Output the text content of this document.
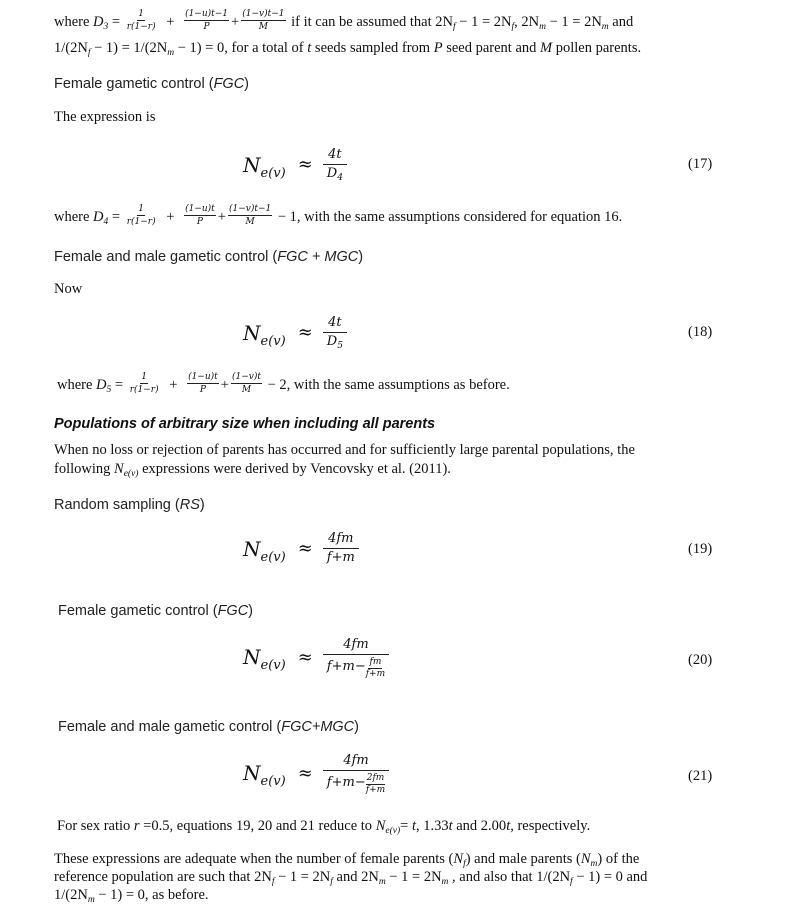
where $D_3 = \frac{1}{r(1-r)} + \frac{(1-u)t-1}{P} + \frac{(1-v)t-1}{M}$ if it can be assumed that $2N_f - 1 = 2N_f$, $2N_m - 1 = 2N_m$ and
$1/(2N_f - 1) = 1/(2N_m - 1) = 0$, for a total of t seeds sampled from P seed parent and M pollen parents.
Female gametic control (FGC)
The expression is
$N_{e(v)} \approx \frac{4t}{D_4}$	(17)
where $D_4 = \frac{1}{r(1-r)} + \frac{(1-u)t}{P} + \frac{(1-v)t-1}{M} - 1$, with the same assumptions considered for equation 16.
Female and male gametic control (FGC + MGC)
Now
$N_{e(v)} \approx \frac{4t}{D_5}$	(18)
where $D_5 = \frac{1}{r(1-r)} + \frac{(1-u)t}{P} + \frac{(1-v)t}{M} - 2$, with the same assumptions as before.
Populations of arbitrary size when including all parents
When no loss or rejection of parents has occurred and for sufficiently large parental populations, the
following $N_{e(v)}$ expressions were derived by Vencovsky et al. (2011).
Random sampling (RS)
$N_{e(v)} \approx \frac{4fm}{f+m}$	(19)
Female gametic control (FGC)
$N_{e(v)} \approx \frac{4fm}{f+m- \frac{fm}{f+m}}$	(20)
Female and male gametic control (FGC+MGC)
$N_{e(v)} \approx \frac{4fm}{f+m- \frac{2fm}{f+m}}$	(21)
For sex ratio r =0.5, equations 19, 20 and 21 reduce to $N_{e(v)}= t$, 1.33t and 2.00t, respectively.
These expressions are adequate when the number of female parents $(N_f)$ and male parents $(N_m)$ of the
reference population are such that $2N_f - 1 = 2N_f$ and $2N_m - 1 = 2N_m$ , and also that $1/(2N_f - 1) = 0$ and
$1/(2N_m - 1) = 0$, as before.
